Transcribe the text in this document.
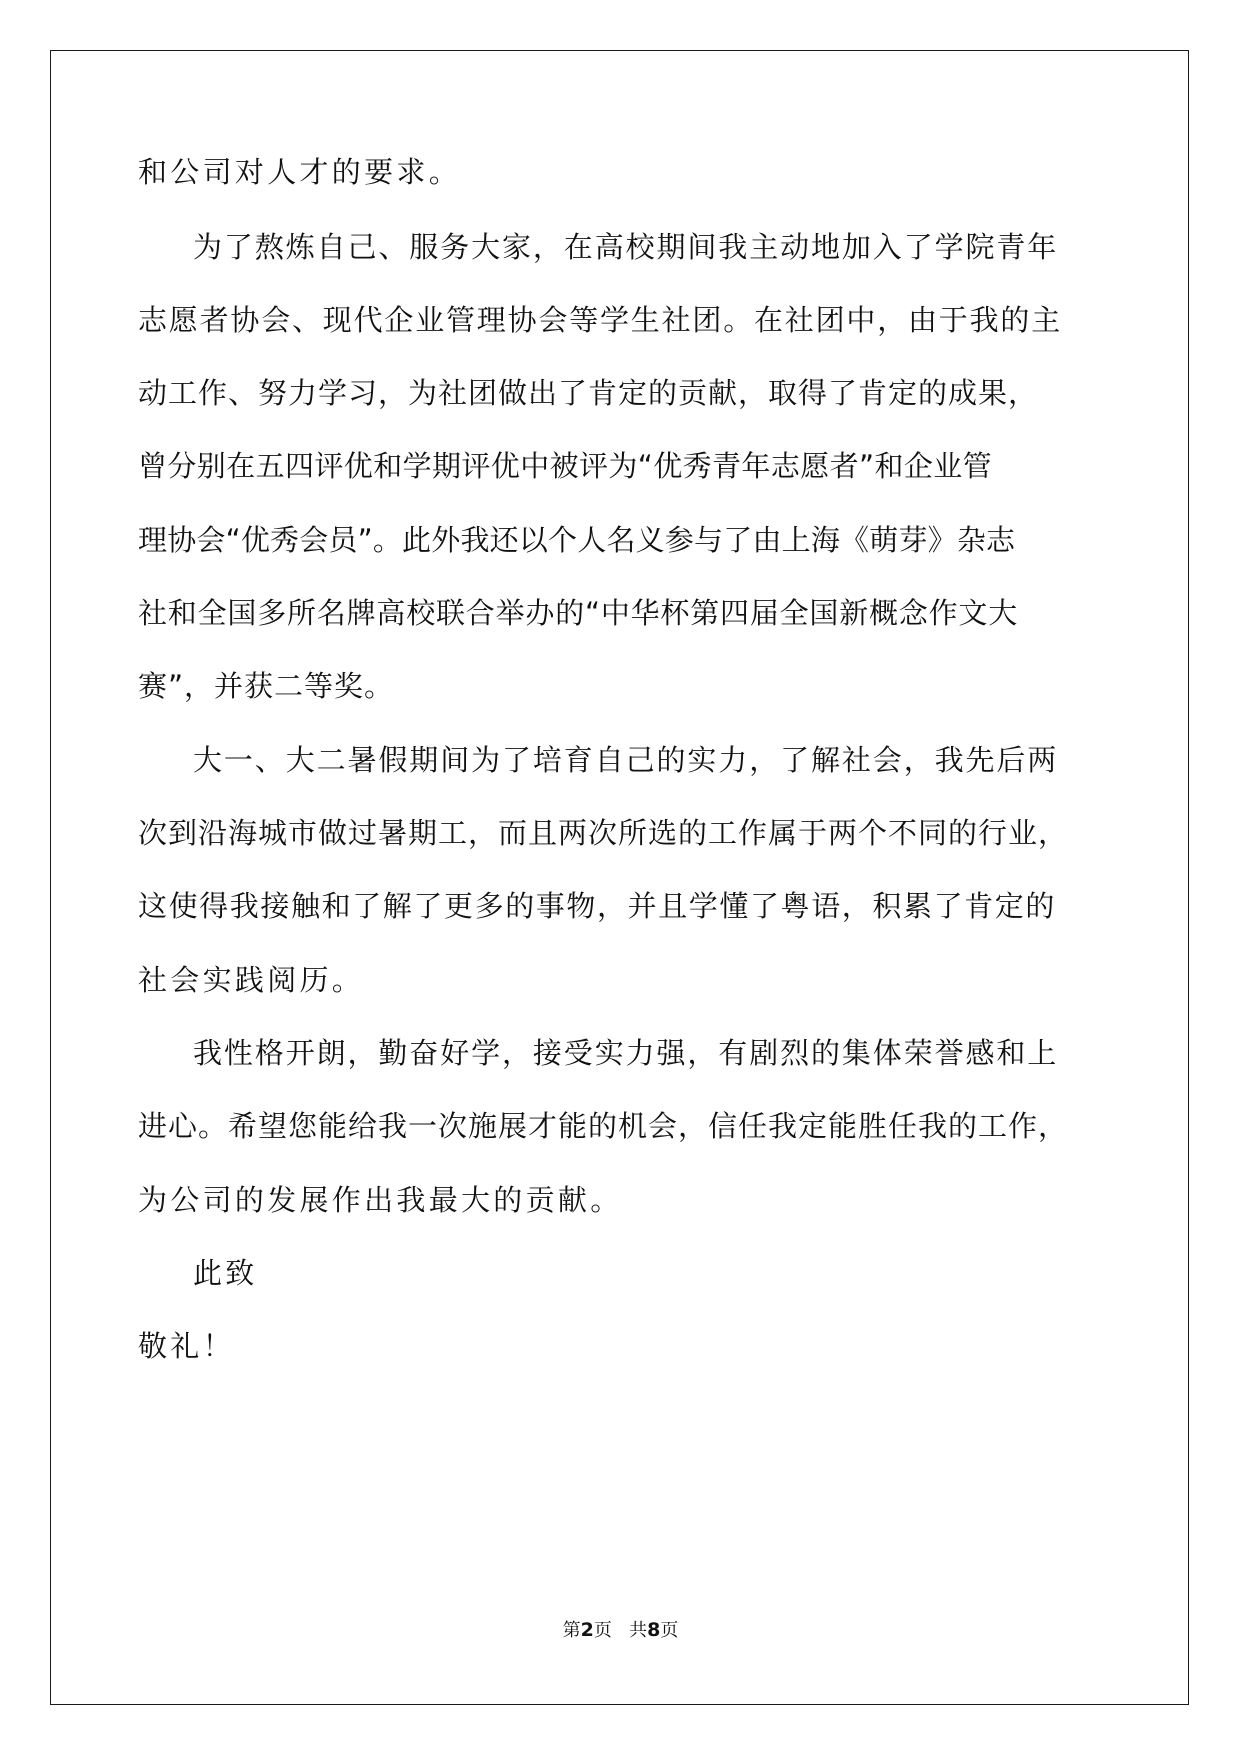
和公司对人才的要求。
为了熬炼自己、服务大家，在高校期间我主动地加入了学院青年
志愿者协会、现代企业管理协会等学生社团。在社团中，由于我的主
动工作、努力学习，为社团做出了肯定的贡献，取得了肯定的成果，
曾分别在五四评优和学期评优中被评为“优秀青年志愿者”和企业管
理协会“优秀会员”。此外我还以个人名义参与了由上海《萌芽》杂志
社和全国多所名牌高校联合举办的“中华杯第四届全国新概念作文大
赛”，并获二等奖。
大一、大二暑假期间为了培育自己的实力，了解社会，我先后两
次到沿海城市做过暑期工，而且两次所选的工作属于两个不同的行业，
这使得我接触和了解了更多的事物，并且学懂了粤语，积累了肯定的
社会实践阅历。
我性格开朗，勤奋好学，接受实力强，有剧烈的集体荣誉感和上
进心。希望您能给我一次施展才能的机会，信任我定能胜任我的工作，
为公司的发展作出我最大的贡献。
此致
敬礼！
第2页 共8页
